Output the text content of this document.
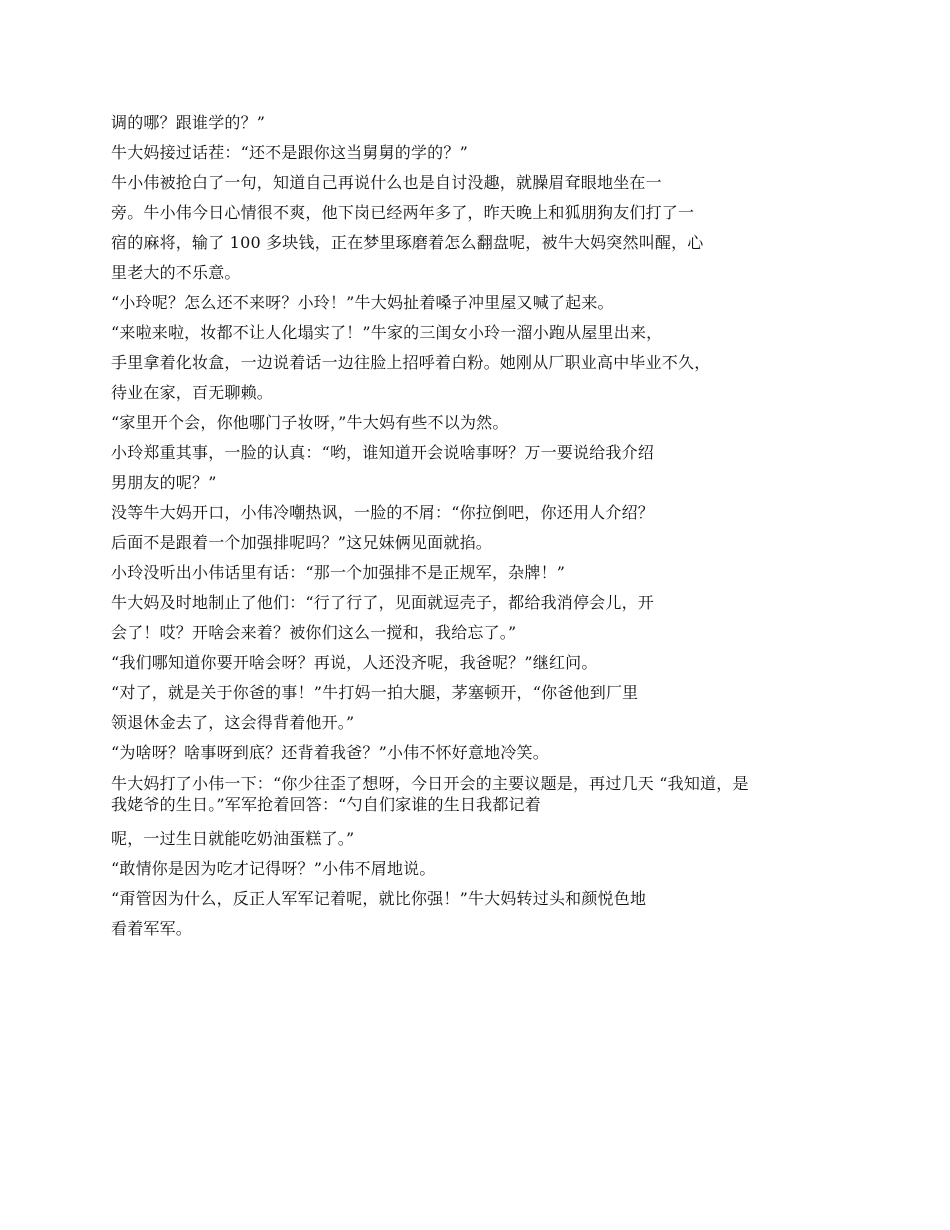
调的哪？跟谁学的？”
牛大妈接过话茬：“还不是跟你这当舅舅的学的？”
牛小伟被抢白了一句，知道自己再说什么也是自讨没趣，就臊眉耷眼地坐在一
旁。牛小伟今日心情很不爽，他下岗已经两年多了，昨天晚上和狐朋狗友们打了一
宿的麻将，输了 100 多块钱，正在梦里琢磨着怎么翻盘呢，被牛大妈突然叫醒，心
里老大的不乐意。
“小玲呢？怎么还不来呀？小玲！”牛大妈扯着嗓子冲里屋又喊了起来。
“来啦来啦，妆都不让人化塌实了！”牛家的三闺女小玲一溜小跑从屋里出来，
手里拿着化妆盒，一边说着话一边往脸上招呼着白粉。她刚从厂职业高中毕业不久，
待业在家，百无聊赖。
“家里开个会，你他哪门子妆呀，”牛大妈有些不以为然。
小玲郑重其事，一脸的认真：“哟，谁知道开会说啥事呀？万一要说给我介绍
男朋友的呢？”
没等牛大妈开口，小伟冷嘲热讽，一脸的不屑：“你拉倒吧，你还用人介绍？
后面不是跟着一个加强排呢吗？”这兄妹俩见面就掐。
小玲没听出小伟话里有话：“那一个加强排不是正规军，杂牌！”
牛大妈及时地制止了他们：“行了行了，见面就逗壳子，都给我消停会儿，开
会了！哎？开啥会来着？被你们这么一搅和，我给忘了。”
“我们哪知道你要开啥会呀？再说，人还没齐呢，我爸呢？”继红问。
“对了，就是关于你爸的事！”牛打妈一拍大腿，茅塞顿开，“你爸他到厂里
领退休金去了，这会得背着他开。”
“为啥呀？啥事呀到底？还背着我爸？”小伟不怀好意地冷笑。
牛大妈打了小伟一下：“你少往歪了想呀，今日开会的主要议题是，再过几天 “我知道，是
我姥爷的生日。”军军抢着回答：“勺自们家谁的生日我都记着
呢，一过生日就能吃奶油蛋糕了。”
“敢情你是因为吃才记得呀？”小伟不屑地说。
“甭管因为什么，反正人军军记着呢，就比你强！”牛大妈转过头和颜悦色地
看着军军。
